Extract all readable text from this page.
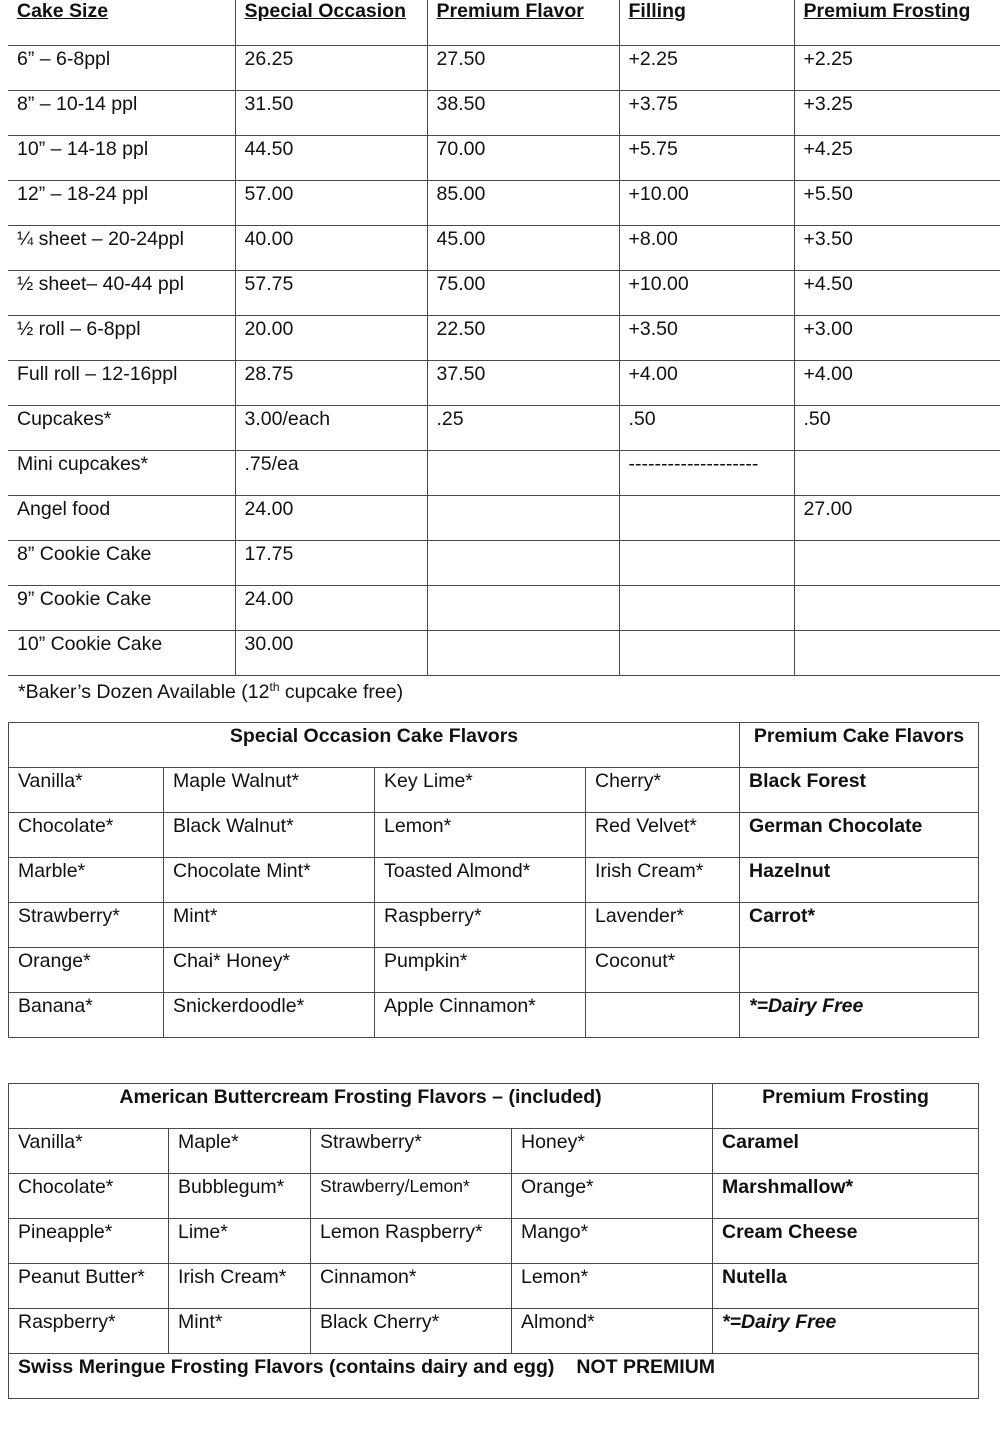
Cake Size	Special Occasion	Premium Flavor	Filling	Premium Frosting
6” – 6-8ppl	26.25	27.50	+2.25	+2.25
8” – 10-14 ppl	31.50	38.50	+3.75	+3.25
10” – 14-18 ppl	44.50	70.00	+5.75	+4.25
12” – 18-24 ppl	57.00	85.00	+10.00	+5.50
¼ sheet – 20-24ppl	40.00	45.00	+8.00	+3.50
½ sheet– 40-44 ppl	57.75	75.00	+10.00	+4.50
½ roll – 6-8ppl	20.00	22.50	+3.50	+3.00
Full roll – 12-16ppl	28.75	37.50	+4.00	+4.00
Cupcakes*	3.00/each	.25	.50	.50
Mini cupcakes*	.75/ea		--------------------	
Angel food	24.00			27.00
8” Cookie Cake	17.75			
9” Cookie Cake	24.00			
10” Cookie Cake	30.00			
*Baker’s Dozen Available (12th cupcake free)
Special Occasion Cake Flavors				Premium Cake Flavors
Vanilla*	Maple Walnut*	Key Lime*	Cherry*	Black Forest
Chocolate*	Black Walnut*	Lemon*	Red Velvet*	German Chocolate
Marble*	Chocolate Mint*	Toasted Almond*	Irish Cream*	Hazelnut
Strawberry*	Mint*	Raspberry*	Lavender*	Carrot*
Orange*	Chai* Honey*	Pumpkin*	Coconut*	
Banana*	Snickerdoodle*	Apple Cinnamon*		*=Dairy Free
American Buttercream Frosting Flavors – (included)				Premium Frosting
Vanilla*	Maple*	Strawberry*	Honey*	Caramel
Chocolate*	Bubblegum*	Strawberry/Lemon*	Orange*	Marshmallow*
Pineapple*	Lime*	Lemon Raspberry*	Mango*	Cream Cheese
Peanut Butter*	Irish Cream*	Cinnamon*	Lemon*	Nutella
Raspberry*	Mint*	Black Cherry*	Almond*	*=Dairy Free
Swiss Meringue Frosting Flavors (contains dairy and egg) NOT PREMIUM				
